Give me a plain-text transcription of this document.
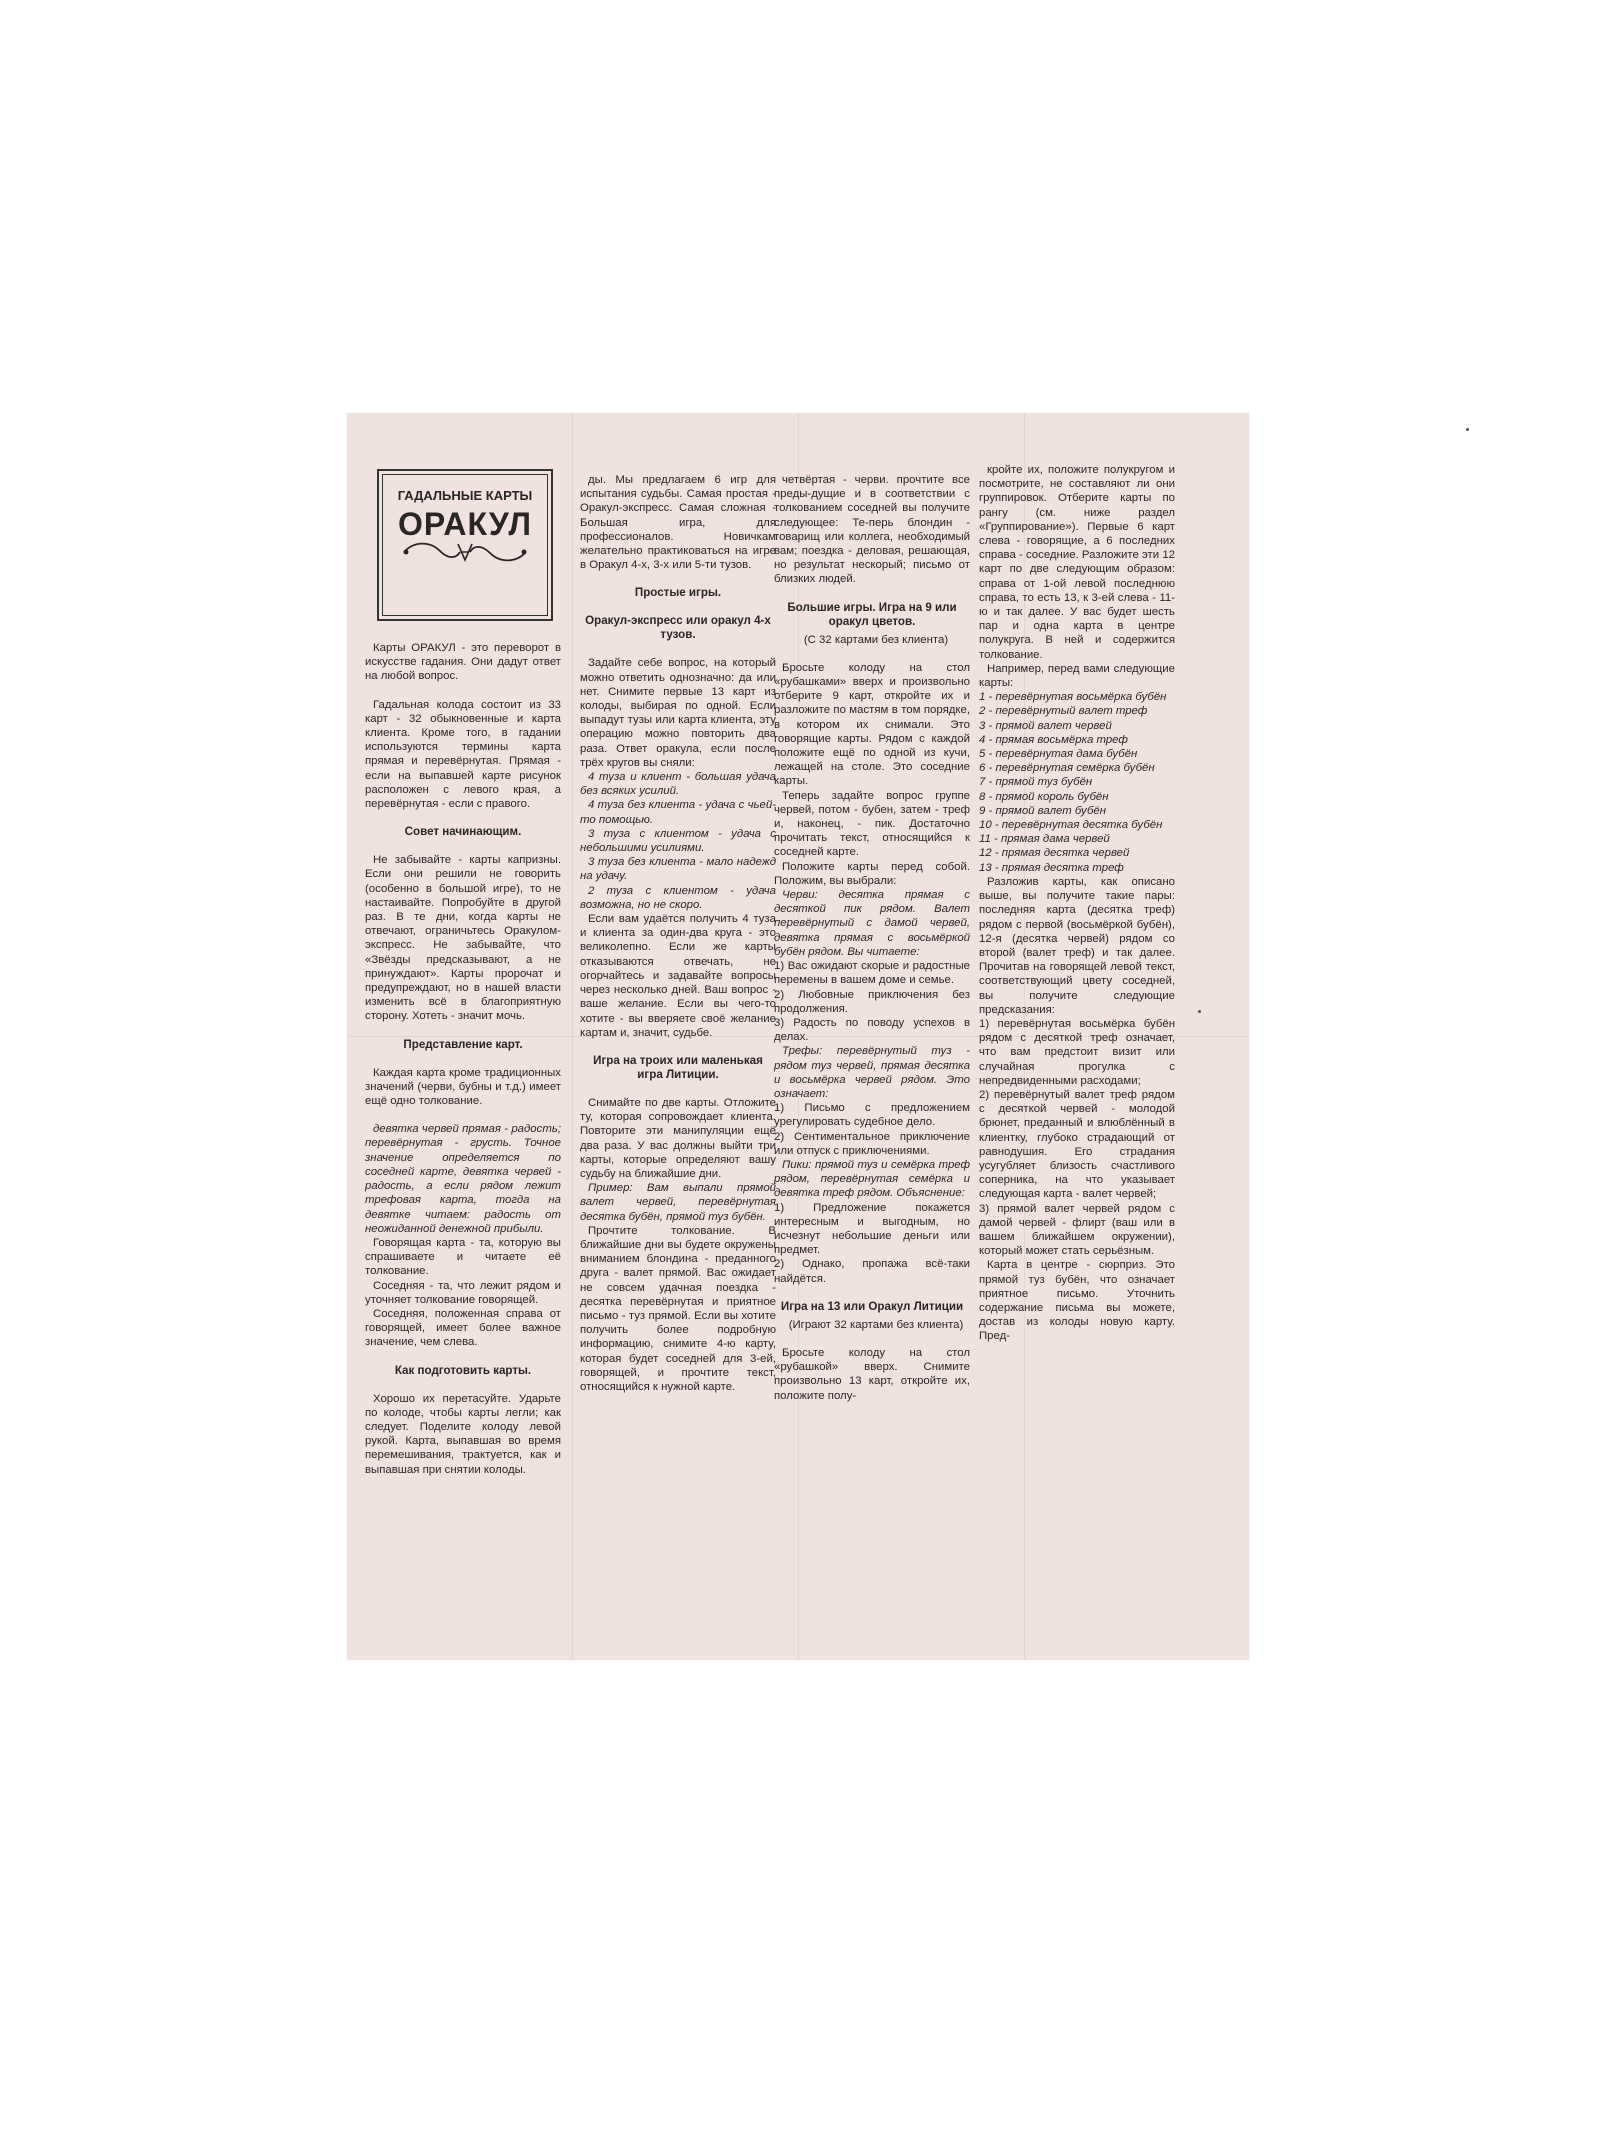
ГАДАЛЬНЫЕ КАРТЫ
ОРАКУЛ

Карты ОРАКУЛ - это переворот в искусстве гадания. Они дадут ответ на любой вопрос.

Гадальная колода состоит из 33 карт - 32 обыкновенные и карта клиента. Кроме того, в гадании используются термины карта прямая и перевёрнутая. Прямая - если на выпавшей карте рисунок расположен с левого края, а перевёрнутая - если с правого.

Совет начинающим.

Не забывайте - карты капризны. Если они решили не говорить (особенно в большой игре), то не настаивайте. Попробуйте в другой раз. В те дни, когда карты не отвечают, ограничьтесь Оракулом-экспресс. Не забывайте, что «Звёзды предсказывают, а не принуждают». Карты пророчат и предупреждают, но в нашей власти изменить всё в благоприятную сторону. Хотеть - значит мочь.

Представление карт.

Каждая карта кроме традиционных значений (черви, бубны и т.д.) имеет ещё одно толкование.

девятка червей прямая - радость; перевёрнутая - грусть. Точное значение определяется по соседней карте, девятка червей - радость, а если рядом лежит трефовая карта, тогда на девятке читаем: радость от неожиданной денежной прибыли.

Говорящая карта - та, которую вы спрашиваете и читаете её толкование.

Соседняя - та, что лежит рядом и уточняет толкование говорящей.

Соседняя, положенная справа от говорящей, имеет более важное значение, чем слева.

Как подготовить карты.

Хорошо их перетасуйте. Ударьте по колоде, чтобы карты легли; как следует. Поделите колоду левой рукой. Карта, выпавшая во время перемешивания, трактуется, как и выпавшая при снятии колоды.

ды. Мы предлагаем 6 игр для испытания судьбы. Самая простая - Оракул-экспресс. Самая сложная - Большая игра, для профессионалов. Новичкам желательно практиковаться на игре в Оракул 4-х, 3-х или 5-ти тузов.

Простые игры.
Оракул-экспресс или оракул 4-х тузов.

Задайте себе вопрос, на который можно ответить однозначно: да или нет. Снимите первые 13 карт из колоды, выбирая по одной. Если выпадут тузы или карта клиента, эту операцию можно повторить два раза. Ответ оракула, если после трёх кругов вы сняли:

4 туза и клиент - большая удача без всяких усилий.

4 туза без клиента - удача с чьей-то помощью.

3 туза с клиентом - удача с небольшими усилиями.

3 туза без клиента - мало надежд на удачу.

2 туза с клиентом - удача возможна, но не скоро.

Если вам удаётся получить 4 туза и клиента за один-два круга - это великолепно. Если же карты отказываются отвечать, не огорчайтесь и задавайте вопросы через несколько дней. Ваш вопрос - ваше желание. Если вы чего-то хотите - вы вверяете своё желание картам и, значит, судьбе.

Игра на троих или маленькая игра Литиции.

Снимайте по две карты. Отложите ту, которая сопровождает клиента. Повторите эти манипуляции ещё два раза. У вас должны выйти три карты, которые определяют вашу судьбу на ближайшие дни.

Пример: Вам выпали прямой валет червей, перевёрнутая десятка бубён, прямой туз бубён.

Прочтите толкование. В ближайшие дни вы будете окружены вниманием блондина - преданного друга - валет прямой. Вас ожидает не совсем удачная поездка - десятка перевёрнутая и приятное письмо - туз прямой. Если вы хотите получить более подробную информацию, снимите 4-ю карту, которая будет соседней для 3-ей, говорящей, и прочтите текст, относящийся к нужной карте.

четвёртая - черви. прочтите все преды-дущие и в соответствии с толкованием соседней вы получите следующее: Те-перь блондин - товарищ или коллега, необходимый вам; поездка - деловая, решающая, но результат нескорый; письмо от близких людей.

Большие игры. Игра на 9 или оракул цветов.

(С 32 картами без клиента)

Бросьте колоду на стол «рубашками» вверх и произвольно отберите 9 карт, откройте их и разложите по мастям в том порядке, в котором их снимали. Это говорящие карты. Рядом с каждой положите ещё по одной из кучи, лежащей на столе. Это соседние карты.

Теперь задайте вопрос группе червей, потом - бубен, затем - треф и, наконец, - пик. Достаточно прочитать текст, относящийся к соседней карте.

Положите карты перед собой. Положим, вы выбрали:

Черви: десятка прямая с десяткой пик рядом. Валет перевёрнутый с дамой червей, девятка прямая с восьмёркой бубён рядом. Вы читаете:

1) Вас ожидают скорые и радостные перемены в вашем доме и семье.

2) Любовные приключения без продолжения.

3) Радость по поводу успехов в делах.

Трефы: перевёрнутый туз - рядом туз червей, прямая десятка и восьмёрка червей рядом. Это означает:

1) Письмо с предложением урегулировать судебное дело.

2) Сентиментальное приключение или отпуск с приключениями.

Пики: прямой туз и семёрка треф рядом, перевёрнутая семёрка и девятка треф рядом. Объяснение:

1) Предложение покажется интересным и выгодным, но исчезнут небольшие деньги или предмет.

2) Однако, пропажа всё-таки найдётся.

Игра на 13 или Оракул Литиции

(Играют 32 картами без клиента)

Бросьте колоду на стол «рубашкой» вверх. Снимите произвольно 13 карт, откройте их, положите полу-

кройте их, положите полукругом и посмотрите, не составляют ли они группировок. Отберите карты по рангу (см. ниже раздел «Группирование»). Первые 6 карт слева - говорящие, а 6 последних справа - соседние. Разложите эти 12 карт по две следующим образом: справа от 1-ой левой последнюю справа, то есть 13, к 3-ей слева - 11-ю и так далее. У вас будет шесть пар и одна карта в центре полукруга. В ней и содержится толкование.

Например, перед вами следующие карты:

1 - перевёрнутая восьмёрка бубён

2 - перевёрнутый валет треф

3 - прямой валет червей

4 - прямая восьмёрка треф

5 - перевёрнутая дама бубён

6 - перевёрнутая семёрка бубён

7 - прямой туз бубён

8 - прямой король бубён

9 - прямой валет бубён

10 - перевёрнутая десятка бубён

11 - прямая дама червей

12 - прямая десятка червей

13 - прямая десятка треф

Разложив карты, как описано выше, вы получите такие пары: последняя карта (десятка треф) рядом с первой (восьмёркой бубён), 12-я (десятка червей) рядом со второй (валет треф) и так далее. Прочитав на говорящей левой текст, соответствующий цвету соседней, вы получите следующие предсказания:

1) перевёрнутая восьмёрка бубён рядом с десяткой треф означает, что вам предстоит визит или случайная прогулка с непредвиденными расходами;

2) перевёрнутый валет треф рядом с десяткой червей - молодой брюнет, преданный и влюблённый в клиентку, глубоко страдающий от равнодушия. Его страдания усугубляет близость счастливого соперника, на что указывает следующая карта - валет червей;

3) прямой валет червей рядом с дамой червей - флирт (ваш или в вашем ближайшем окружении), который может стать серьёзным.

Карта в центре - сюрприз. Это прямой туз бубён, что означает приятное письмо. Уточнить содержание письма вы можете, достав из колоды новую карту. Пред-
